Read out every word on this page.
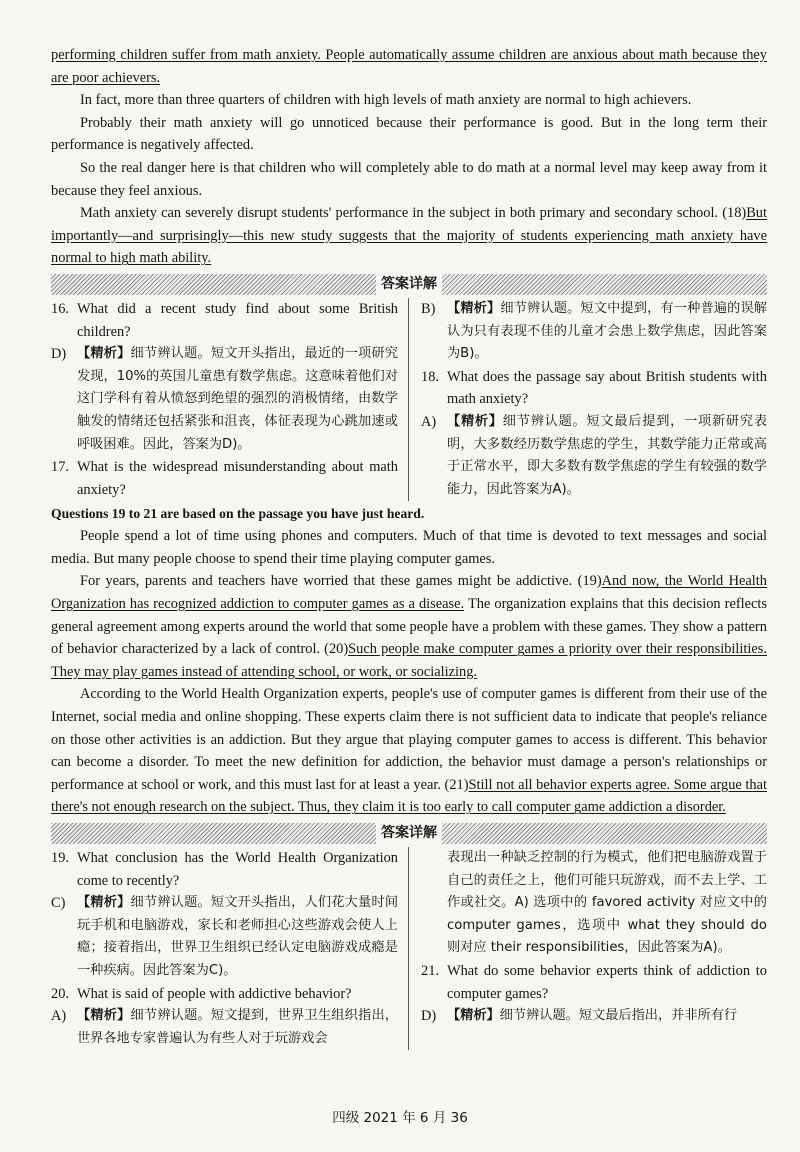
performing children suffer from math anxiety. People automatically assume children are anxious about math because they are poor achievers.

In fact, more than three quarters of children with high levels of math anxiety are normal to high achievers.

Probably their math anxiety will go unnoticed because their performance is good. But in the long term their performance is negatively affected.

So the real danger here is that children who will completely able to do math at a normal level may keep away from it because they feel anxious.

Math anxiety can severely disrupt students' performance in the subject in both primary and secondary school. (18)But importantly—and surprisingly—this new study suggests that the majority of students experiencing math anxiety have normal to high math ability.

答案详解
16. What did a recent study find about some British children?
D) 【精析】细节辨认题。短文开头指出，最近的一项研究发现，10%的英国儿童患有数学焦虑。这意味着他们对这门学科有着从愤怒到绝望的强烈的消极情绪，由数学触发的情绪还包括紧张和沮丧，体征表现为心跳加速或呼吸困难。因此，答案为D)。
17. What is the widespread misunderstanding about math anxiety?
B) 【精析】细节辨认题。短文中提到，有一种普遍的误解认为只有表现不佳的儿童才会患上数学焦虑，因此答案为B)。
18. What does the passage say about British students with math anxiety?
A) 【精析】细节辨认题。短文最后提到，一项新研究表明，大多数经历数学焦虑的学生，其数学能力正常或高于正常水平，即大多数有数学焦虑的学生有较强的数学能力，因此答案为A)。
Questions 19 to 21 are based on the passage you have just heard.

People spend a lot of time using phones and computers. Much of that time is devoted to text messages and social media. But many people choose to spend their time playing computer games.

For years, parents and teachers have worried that these games might be addictive. (19)And now, the World Health Organization has recognized addiction to computer games as a disease. The organization explains that this decision reflects general agreement among experts around the world that some people have a problem with these games. They show a pattern of behavior characterized by a lack of control. (20)Such people make computer games a priority over their responsibilities. They may play games instead of attending school, or work, or socializing.

According to the World Health Organization experts, people's use of computer games is different from their use of the Internet, social media and online shopping. These experts claim there is not sufficient data to indicate that people's reliance on those other activities is an addiction. But they argue that playing computer games to access is different. This behavior can become a disorder. To meet the new definition for addiction, the behavior must damage a person's relationships or performance at school or work, and this must last for at least a year. (21)Still not all behavior experts agree. Some argue that there's not enough research on the subject. Thus, they claim it is too early to call computer game addiction a disorder.

答案详解
19. What conclusion has the World Health Organization come to recently?
C) 【精析】细节辨认题。短文开头指出，人们花大量时间玩手机和电脑游戏，家长和老师担心这些游戏会使人上瘾；接着指出，世界卫生组织已经认定电脑游戏成瘾是一种疾病。因此答案为C)。
20. What is said of people with addictive behavior?
A) 【精析】细节辨认题。短文提到，世界卫生组织指出，世界各地专家普遍认为有些人对于玩游戏会
表现出一种缺乏控制的行为模式，他们把电脑游戏置于自己的责任之上，他们可能只玩游戏，而不去上学、工作或社交。A) 选项中的 favored activity 对应文中的 computer games，选项中 what they should do 则对应 their responsibilities，因此答案为A)。
21. What do some behavior experts think of addiction to computer games?
D) 【精析】细节辨认题。短文最后指出，并非所有行
四级 2021 年 6 月 36
